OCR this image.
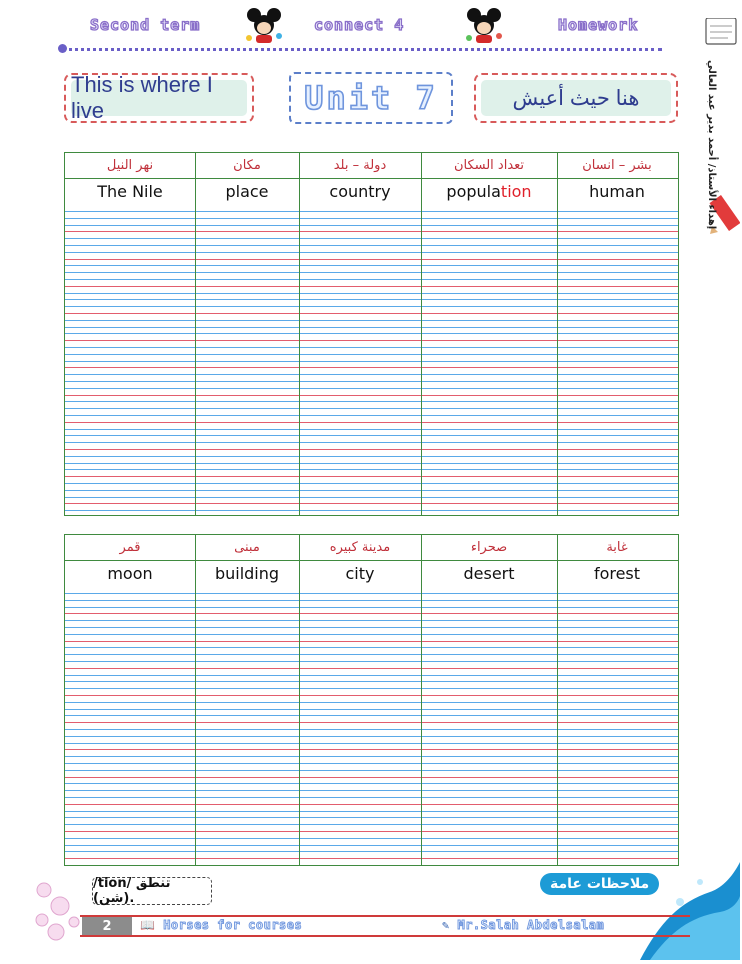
Second term	connect 4	Homework
إهداء الأستاذ/ أحمد بدير عبد العالي
This is where I live	Unit 7	هنا حيث أعيش
نهر النيل	مكان	دولة – بلد	تعداد السكان	بشر – انسان
The Nile	place	country	popula tion	human
قمر	مبنى	مدينة كبيره	صحراء	غابة
moon	building	city	desert	forest
/tion/ تنطق (شن).
ملاحظات عامة
2	📖 Horses for courses	✎ Mr.Salah Abdelsalam
